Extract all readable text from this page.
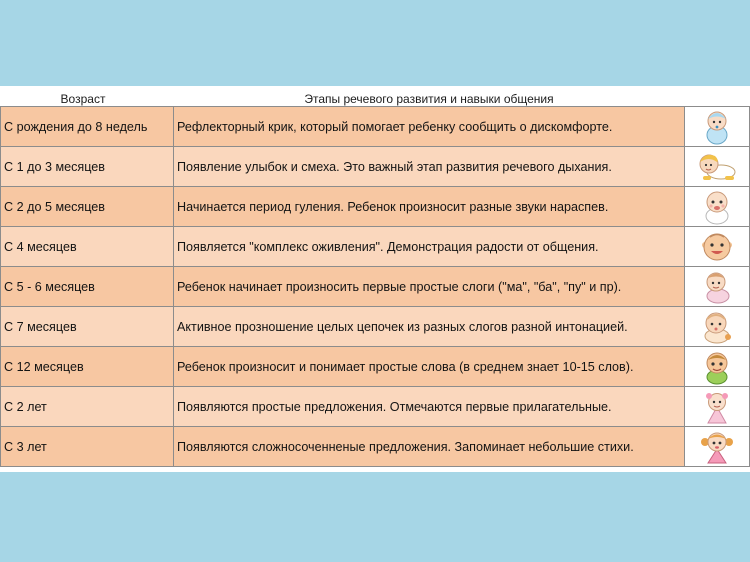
Возраст	Этапы речевого развития и навыки общения	
С рождения до 8 недель	Рефлекторный крик, который помогает ребенку сообщить о дискомфорте.	

С 1 до 3 месяцев	Появление улыбок и смеха. Это важный этап развития речевого дыхания.	

С 2 до 5 месяцев	Начинается период гуления. Ребенок произносит разные звуки нараспев.	

С 4 месяцев	Появляется "комплекс оживления". Демонстрация радости от общения.	

С 5 - 6 месяцев	Ребенок начинает произносить первые простые слоги ("ма", "ба", "пу" и пр).	

С 7 месяцев	Активное прозношение целых цепочек из разных слогов разной интонацией.	

С 12 месяцев	Ребенок произносит и понимает простые слова (в среднем знает 10-15 слов).	

С 2 лет	Появляются простые предложения. Отмечаются первые прилагательные.	

С 3 лет	Появляются сложносоченненые предложения. Запоминает небольшие стихи.	
